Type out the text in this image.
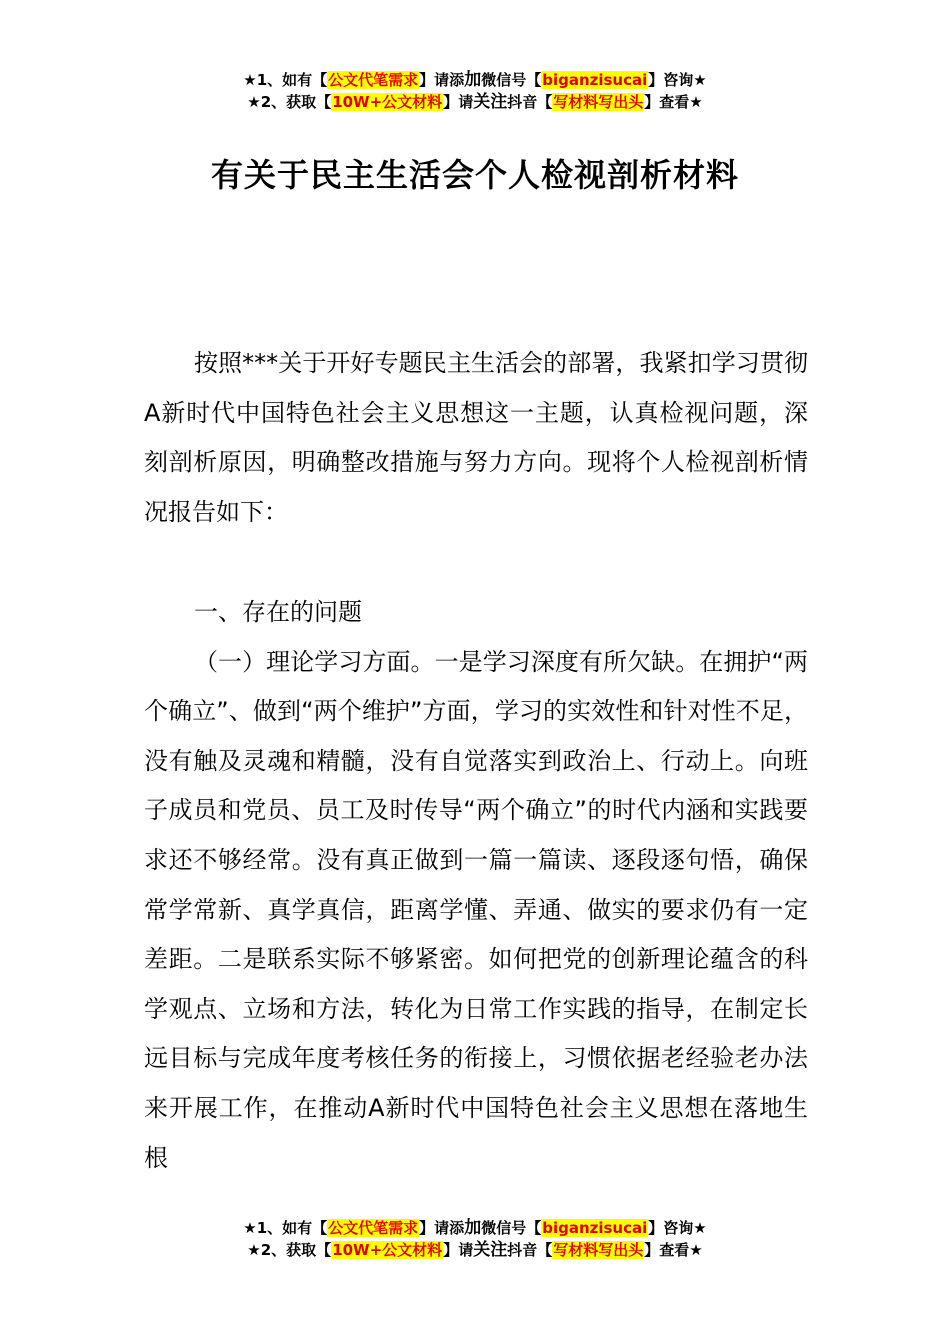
★1、如有【公文代笔需求】请添加微信号【biganzisucai】咨询★
★2、获取【10W+公文材料】请关注抖音【写材料写出头】查看★
有关于民主生活会个人检视剖析材料

按照***关于开好专题民主生活会的部署，我紧扣学习贯彻A新时代中国特色社会主义思想这一主题，认真检视问题，深刻剖析原因，明确整改措施与努力方向。现将个人检视剖析情况报告如下：

一、存在的问题

（一）理论学习方面。一是学习深度有所欠缺。在拥护“两个确立”、做到“两个维护”方面，学习的实效性和针对性不足，没有触及灵魂和精髓，没有自觉落实到政治上、行动上。向班子成员和党员、员工及时传导“两个确立”的时代内涵和实践要求还不够经常。没有真正做到一篇一篇读、逐段逐句悟，确保常学常新、真学真信，距离学懂、弄通、做实的要求仍有一定差距。二是联系实际不够紧密。如何把党的创新理论蕴含的科学观点、立场和方法，转化为日常工作实践的指导，在制定长远目标与完成年度考核任务的衔接上，习惯依据老经验老办法来开展工作，在推动A新时代中国特色社会主义思想在落地生根

★1、如有【公文代笔需求】请添加微信号【biganzisucai】咨询★
★2、获取【10W+公文材料】请关注抖音【写材料写出头】查看★
